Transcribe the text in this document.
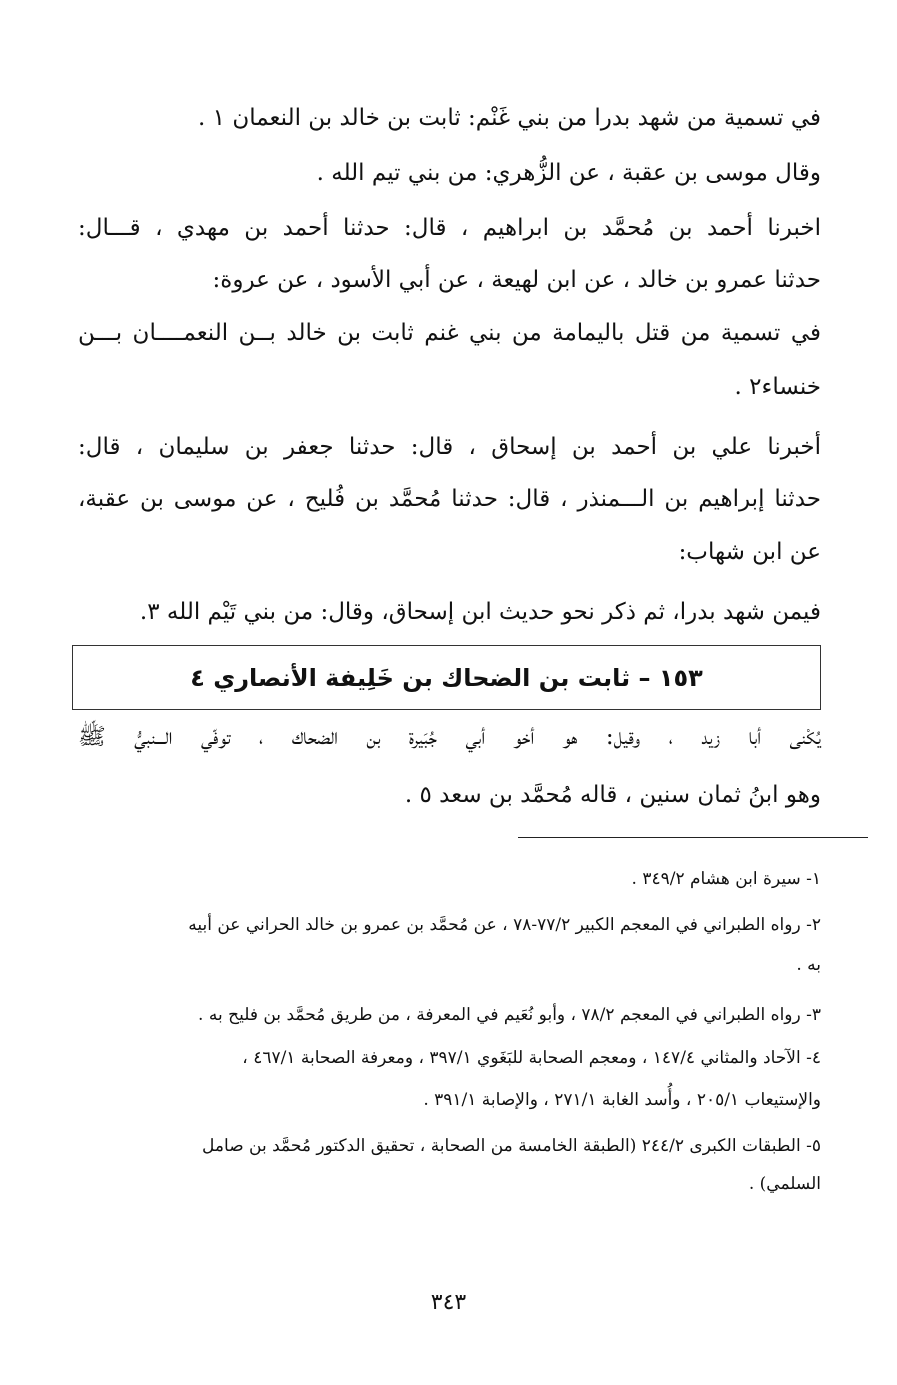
في تسمية من شهد بدرا من بني غَنْم: ثابت بن خالد بن النعمان ١ .
وقال موسى بن عقبة ، عن الزُّهري: من بني تيم الله .
اخبرنا أحمد بن مُحمَّد بن ابراهيم ، قال: حدثنا أحمد بن مهدي ، قـــال:
حدثنا عمرو بن خالد ، عن ابن لهيعة ، عن أبي الأسود ، عن عروة:
في تسمية من قتل باليمامة من بني غنم ثابت بن خالد بــن النعمــــان بـــن
خنساء٢ .
أخبرنا علي بن أحمد بن إسحاق ، قال: حدثنا جعفر بن سليمان ، قال:
حدثنا إبراهيم بن الـــمنذر ، قال: حدثنا مُحمَّد بن فُليح ، عن موسى بن عقبة،
عن ابن شهاب:
فيمن شهد بدرا، ثم ذكر نحو حديث ابن إسحاق، وقال: من بني تَيْم الله ٣.
١٥٣ – ثابت بن الضحاك بن خَلِيفة الأنصاري ٤
يُكْنى أبا زيد ، وقيل: هو أخو أبي جُبَيرة بن الضحاك ، توفّي الـــنبيُّ ﷺ
وهو ابنُ ثمان سنين ، قاله مُحمَّد بن سعد ٥ .
١- سيرة ابن هشام ٣٤٩/٢ .
٢- رواه الطبراني في المعجم الكبير ٧٧/٢-٧٨ ، عن مُحمَّد بن عمرو بن خالد الحراني عن أبيه
به .
٣- رواه الطبراني في المعجم ٧٨/٢ ، وأبو نُعَيم في المعرفة ، من طريق مُحمَّد بن فليح به .
٤- الآحاد والمثاني ١٤٧/٤ ، ومعجم الصحابة للبَغَوي ٣٩٧/١ ، ومعرفة الصحابة ٤٦٧/١ ،
والإستيعاب ٢٠٥/١ ، وأُسد الغابة ٢٧١/١ ، والإصابة ٣٩١/١ .
٥- الطبقات الكبرى ٢٤٤/٢ (الطبقة الخامسة من الصحابة ، تحقيق الدكتور مُحمَّد بن صامل
السلمي) .
٣٤٣
